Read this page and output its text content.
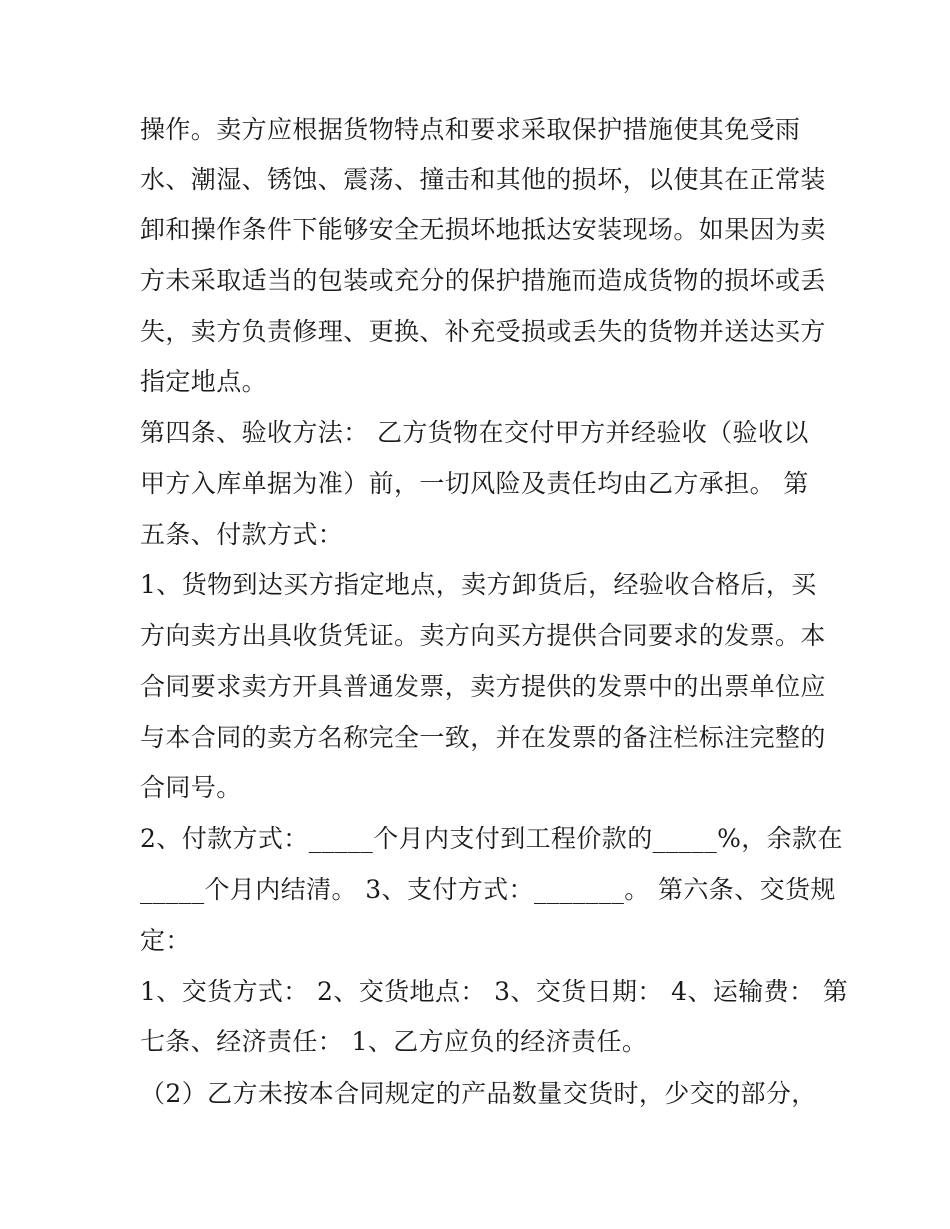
操作。卖方应根据货物特点和要求采取保护措施使其免受雨
水、潮湿、锈蚀、震荡、撞击和其他的损坏，以使其在正常装
卸和操作条件下能够安全无损坏地抵达安装现场。如果因为卖
方未采取适当的包装或充分的保护措施而造成货物的损坏或丢
失，卖方负责修理、更换、补充受损或丢失的货物并送达买方
指定地点。
第四条、验收方法： 乙方货物在交付甲方并经验收（验收以
甲方入库单据为准）前，一切风险及责任均由乙方承担。 第
五条、付款方式：
1、货物到达买方指定地点，卖方卸货后，经验收合格后，买
方向卖方出具收货凭证。卖方向买方提供合同要求的发票。本
合同要求卖方开具普通发票，卖方提供的发票中的出票单位应
与本合同的卖方名称完全一致，并在发票的备注栏标注完整的
合同号。
2、付款方式：_____个月内支付到工程价款的_____%，余款在
_____个月内结清。 3、支付方式：_______。 第六条、交货规
定：
1、交货方式： 2、交货地点： 3、交货日期： 4、运输费： 第
七条、经济责任： 1、乙方应负的经济责任。
（2）乙方未按本合同规定的产品数量交货时，少交的部分，
